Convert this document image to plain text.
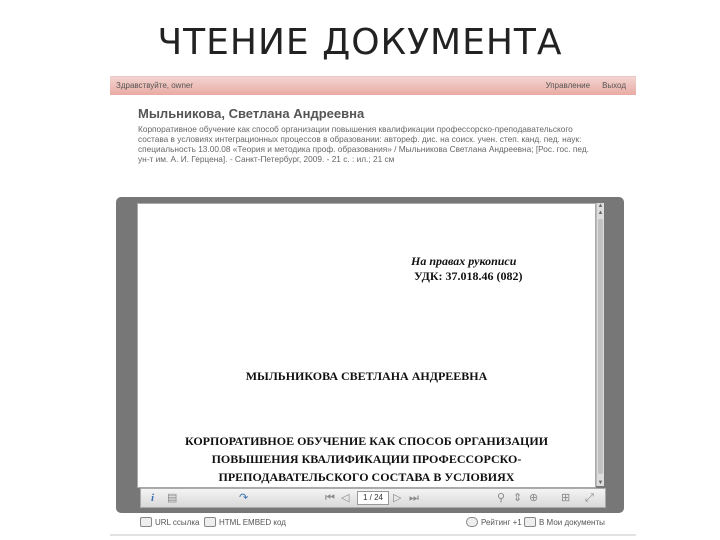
ЧТЕНИЕ ДОКУМЕНТА
Здравствуйте, owner	Управление Выход
Мыльникова, Светлана Андреевна
Корпоративное обучение как способ организации повышения квалификации профессорско-преподавательского состава в условиях интеграционных процессов в образовании: автореф. дис. на соиск. учен. степ. канд. пед. наук: специальность 13.00.08 «Теория и методика проф. образования» / Мыльникова Светлана Андреевна; [Рос. гос. пед. ун-т им. А. И. Герцена]. - Санкт-Петербург, 2009. - 21 с. : ил.; 21 см
На правах рукописи
УДК: 37.018.46 (082)
МЫЛЬНИКОВА СВЕТЛАНА АНДРЕЕВНА
КОРПОРАТИВНОЕ ОБУЧЕНИЕ КАК СПОСОБ ОРГАНИЗАЦИИ
ПОВЫШЕНИЯ КВАЛИФИКАЦИИ ПРОФЕССОРСКО-
ПРЕПОДАВАТЕЛЬСКОГО СОСТАВА В УСЛОВИЯХ
▲
▲
▼
i ▤	↷	⏮ ◁	1 / 24 ▷ ⏭	⚲ ⇕ ⊕ ⊞ ⤢
URL ссылка HTML EMBED код	Рейтинг +1 В Мои документы
